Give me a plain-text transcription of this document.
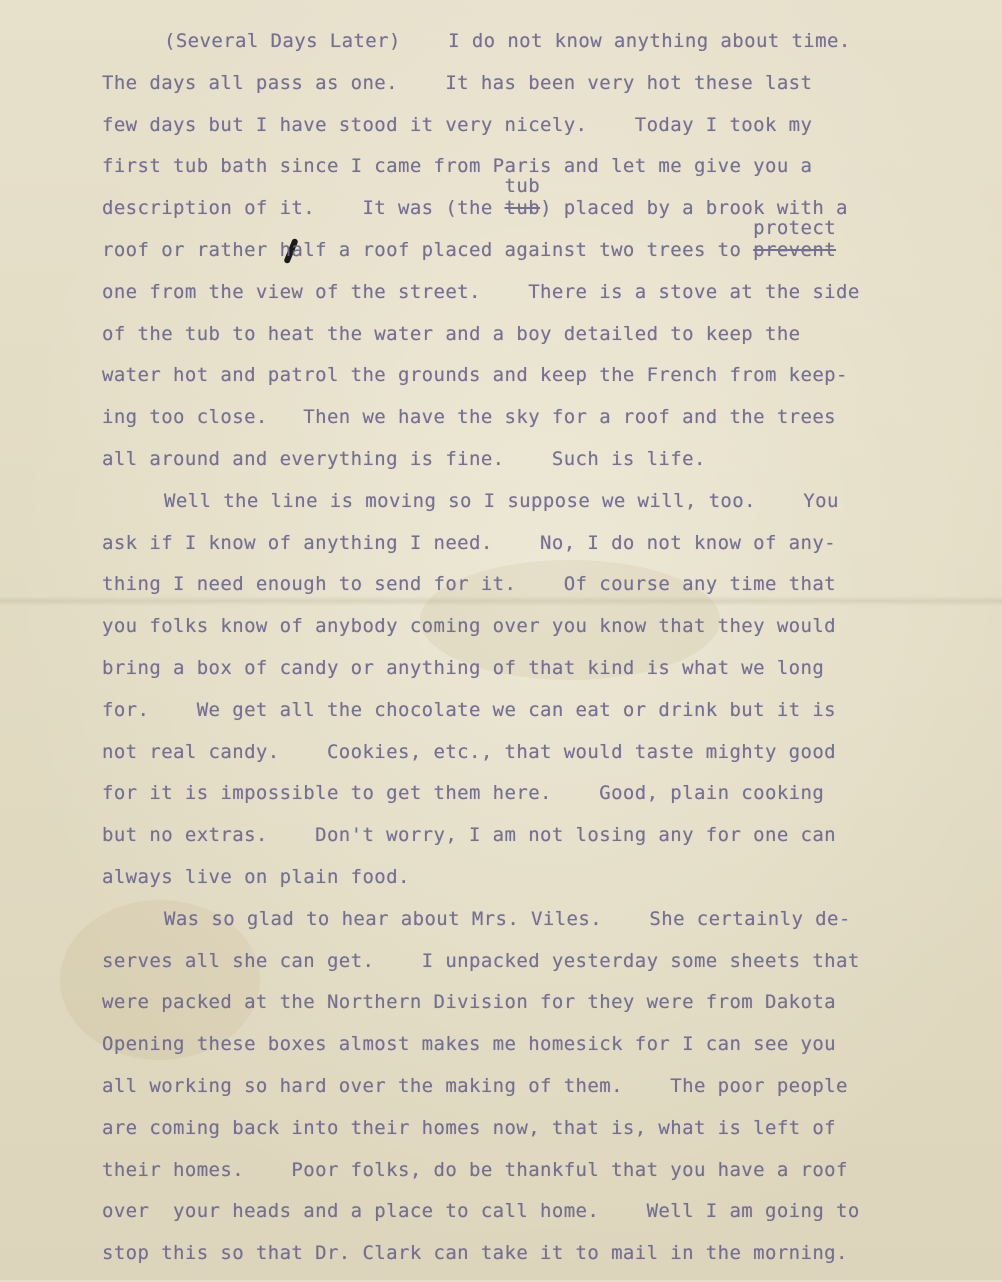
(Several Days Later)    I do not know anything about time.
The days all pass as one.    It has been very hot these last
few days but I have stood it very nicely.    Today I took my
first tub bath since I came from Paris and let me give you a
description of it.    It was (the
tub
tub) placed by a brook with a
roof or rather half a roof placed against two trees to
protect
prevent
one from the view of the street.    There is a stove at the side
of the tub to heat the water and a boy detailed to keep the
water hot and patrol the grounds and keep the French from keep-
ing too close.   Then we have the sky for a roof and the trees
all around and everything is fine.    Such is life.
Well the line is moving so I suppose we will, too.    You
ask if I know of anything I need.    No, I do not know of any-
thing I need enough to send for it.    Of course any time that
you folks know of anybody coming over you know that they would
bring a box of candy or anything of that kind is what we long
for.    We get all the chocolate we can eat or drink but it is
not real candy.    Cookies, etc., that would taste mighty good
for it is impossible to get them here.    Good, plain cooking
but no extras.    Don't worry, I am not losing any for one can
always live on plain food.
Was so glad to hear about Mrs. Viles.    She certainly de-
serves all she can get.    I unpacked yesterday some sheets that
were packed at the Northern Division for they were from Dakota
Opening these boxes almost makes me homesick for I can see you
all working so hard over the making of them.    The poor people
are coming back into their homes now, that is, what is left of
their homes.    Poor folks, do be thankful that you have a roof
over  your heads and a place to call home.    Well I am going to
stop this so that Dr. Clark can take it to mail in the morning.
